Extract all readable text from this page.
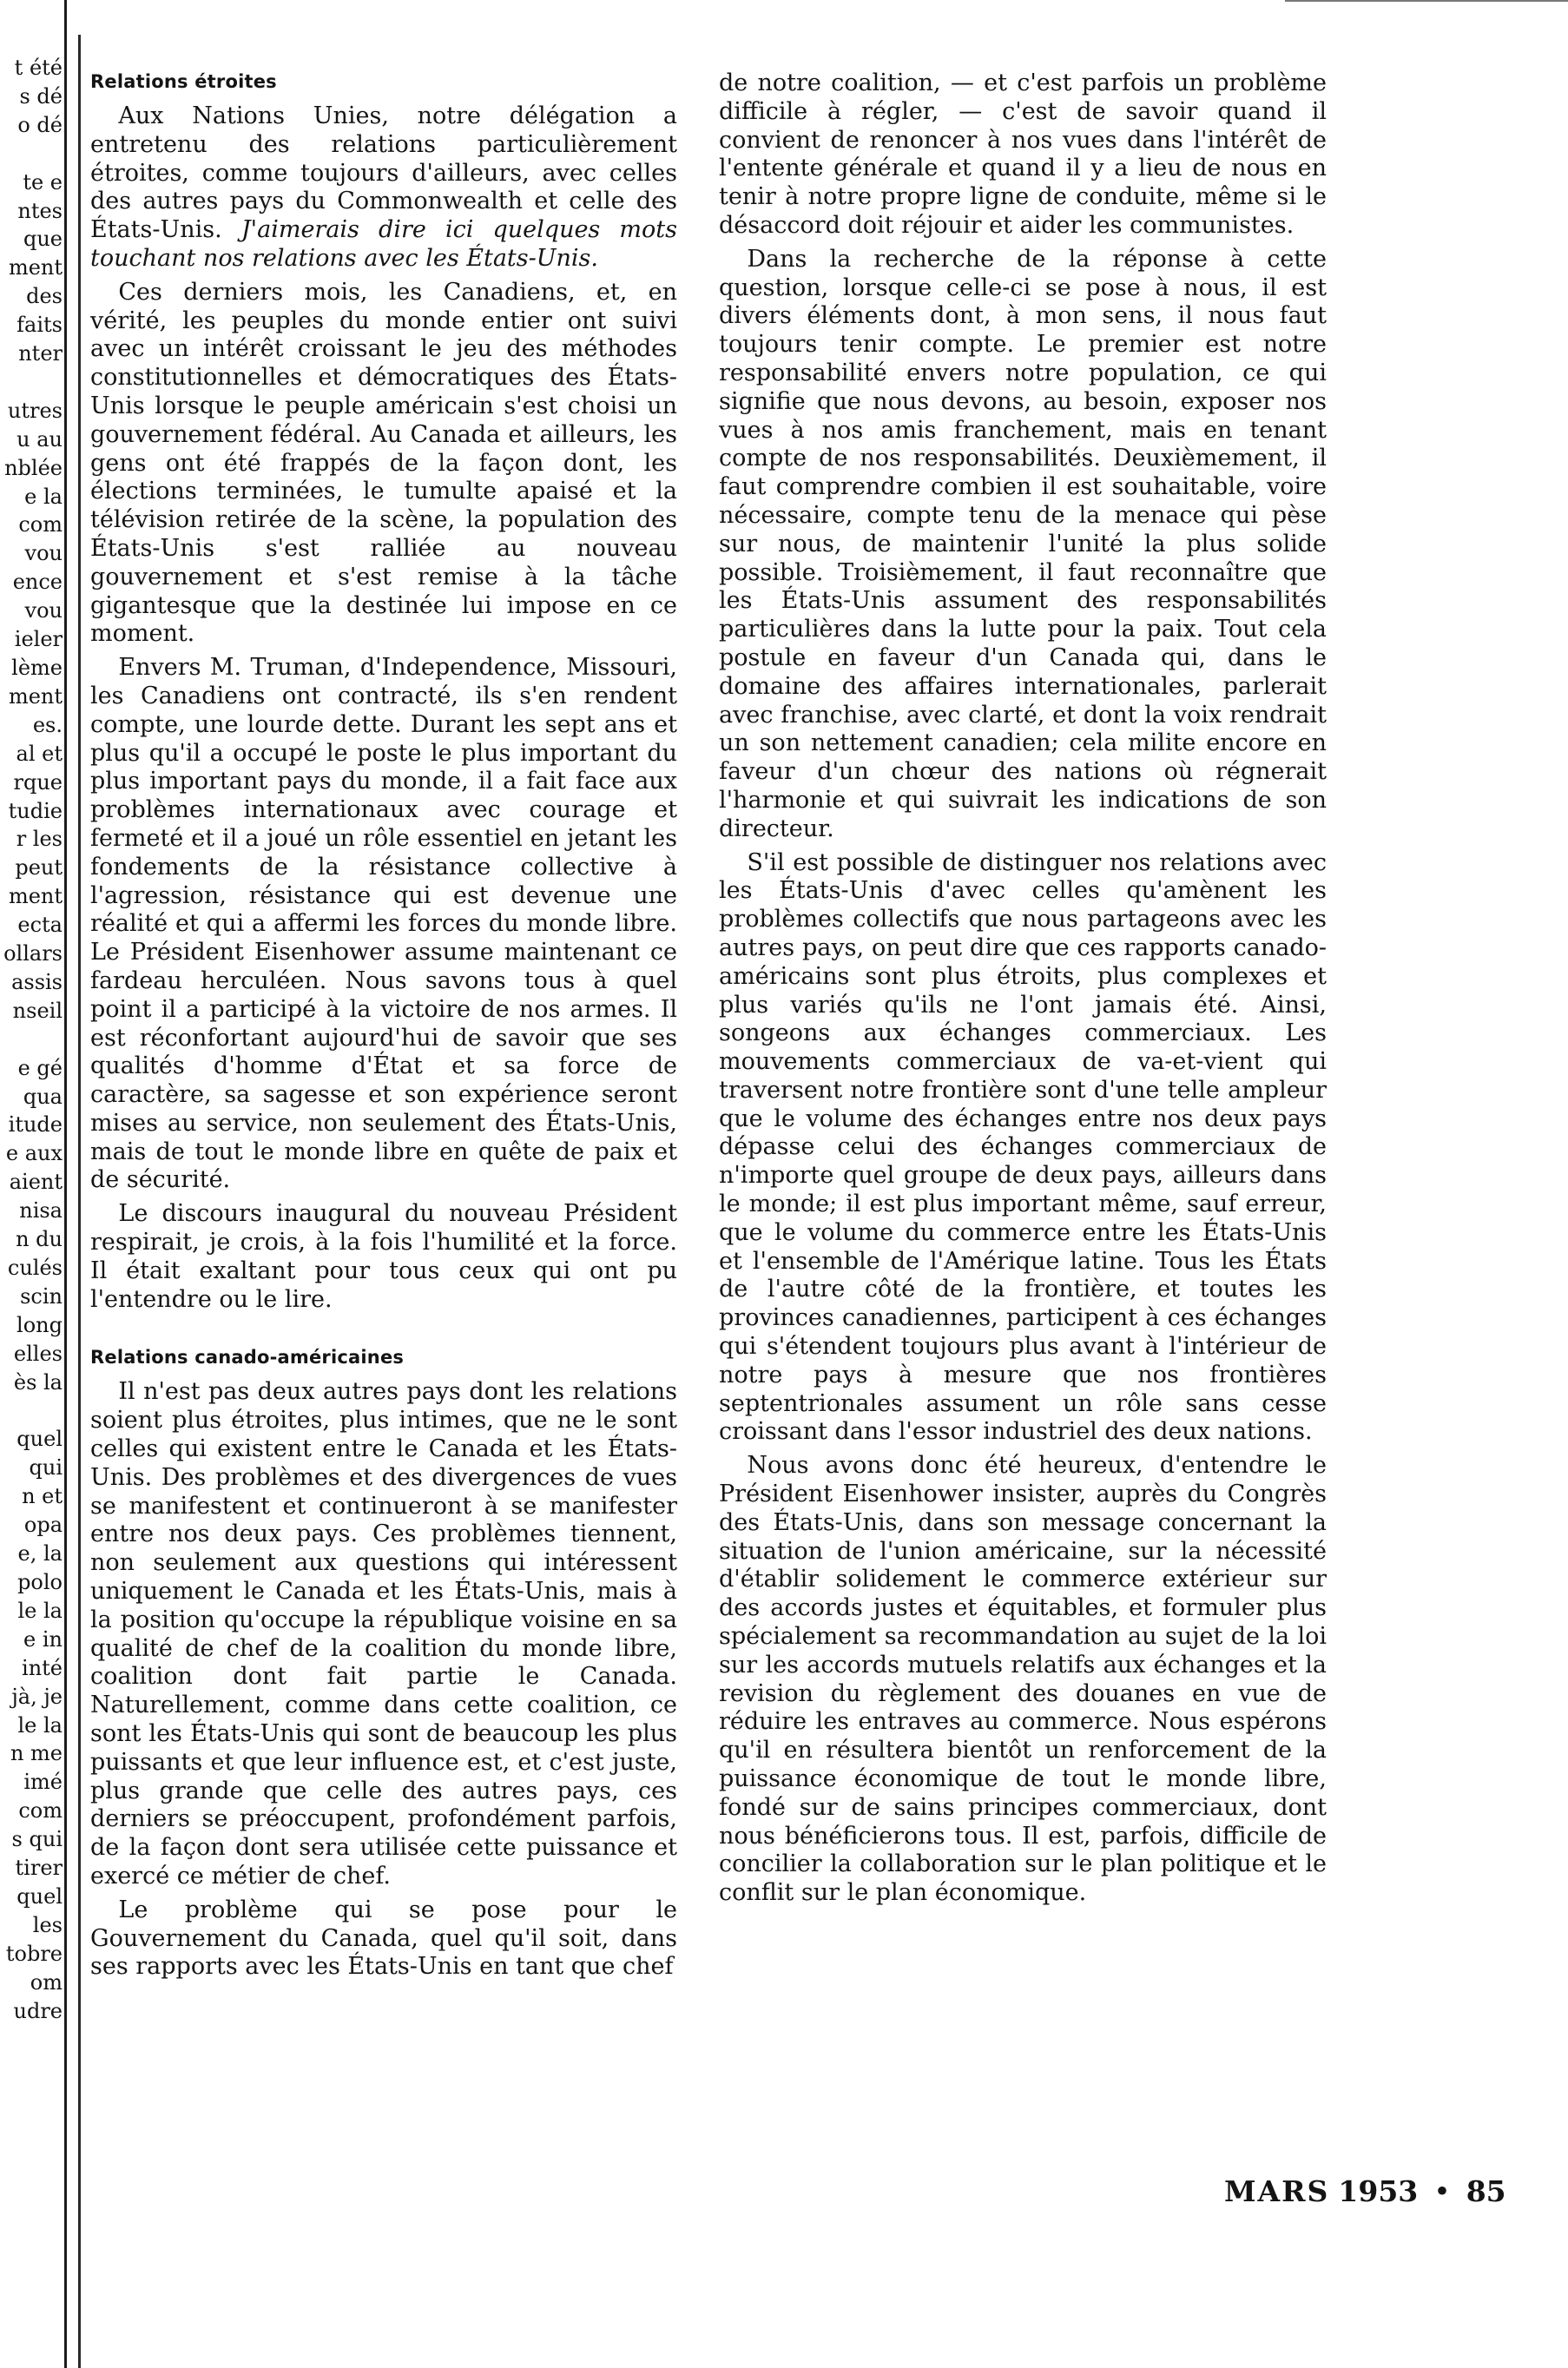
t été
s dé
o dé
te e
ntes
que
ment
des
faits
nter
utres
u au
nblée
e la
com
vou
ence
vou
ieler
lème
ment
es.
al et
rque
tudie
r les
peut
ment
ecta
ollars
assis
nseil
e gé
qua
itude
e aux
aient
nisa
n du
culés
scin
long
elles
ès la
quel
qui
n et
opa
e, la
polo
le la
e in
inté
jà, je
le la
n me
imé
com
s qui
tirer
quel
les
tobre
om
udre
Relations étroites

Aux Nations Unies, notre délégation a entretenu des relations particulièrement étroites, comme toujours d'ailleurs, avec celles des autres pays du Commonwealth et celle des États-Unis. J'aimerais dire ici quelques mots touchant nos relations avec les États-Unis.

Ces derniers mois, les Canadiens, et, en vérité, les peuples du monde entier ont suivi avec un intérêt croissant le jeu des méthodes constitutionnelles et démocratiques des États-Unis lorsque le peuple américain s'est choisi un gouvernement fédéral. Au Canada et ailleurs, les gens ont été frappés de la façon dont, les élections terminées, le tumulte apaisé et la télévision retirée de la scène, la population des États-Unis s'est ralliée au nouveau gouvernement et s'est remise à la tâche gigantesque que la destinée lui impose en ce moment.

Envers M. Truman, d'Independence, Missouri, les Canadiens ont contracté, ils s'en rendent compte, une lourde dette. Durant les sept ans et plus qu'il a occupé le poste le plus important du plus important pays du monde, il a fait face aux problèmes internationaux avec courage et fermeté et il a joué un rôle essentiel en jetant les fondements de la résistance collective à l'agression, résistance qui est devenue une réalité et qui a affermi les forces du monde libre. Le Président Eisenhower assume maintenant ce fardeau herculéen. Nous savons tous à quel point il a participé à la victoire de nos armes. Il est réconfortant aujourd'hui de savoir que ses qualités d'homme d'État et sa force de caractère, sa sagesse et son expérience seront mises au service, non seulement des États-Unis, mais de tout le monde libre en quête de paix et de sécurité.

Le discours inaugural du nouveau Président respirait, je crois, à la fois l'humilité et la force. Il était exaltant pour tous ceux qui ont pu l'entendre ou le lire.

Relations canado-américaines

Il n'est pas deux autres pays dont les relations soient plus étroites, plus intimes, que ne le sont celles qui existent entre le Canada et les États-Unis. Des problèmes et des divergences de vues se manifestent et continueront à se manifester entre nos deux pays. Ces problèmes tiennent, non seulement aux questions qui intéressent uniquement le Canada et les États-Unis, mais à la position qu'occupe la république voisine en sa qualité de chef de la coalition du monde libre, coalition dont fait partie le Canada. Naturellement, comme dans cette coalition, ce sont les États-Unis qui sont de beaucoup les plus puissants et que leur influence est, et c'est juste, plus grande que celle des autres pays, ces derniers se préoccupent, profondément parfois, de la façon dont sera utilisée cette puissance et exercé ce métier de chef.

Le problème qui se pose pour le Gouvernement du Canada, quel qu'il soit, dans ses rapports avec les États-Unis en tant que chef

de notre coalition, — et c'est parfois un problème difficile à régler, — c'est de savoir quand il convient de renoncer à nos vues dans l'intérêt de l'entente générale et quand il y a lieu de nous en tenir à notre propre ligne de conduite, même si le désaccord doit réjouir et aider les communistes.

Dans la recherche de la réponse à cette question, lorsque celle-ci se pose à nous, il est divers éléments dont, à mon sens, il nous faut toujours tenir compte. Le premier est notre responsabilité envers notre population, ce qui signifie que nous devons, au besoin, exposer nos vues à nos amis franchement, mais en tenant compte de nos responsabilités. Deuxièmement, il faut comprendre combien il est souhaitable, voire nécessaire, compte tenu de la menace qui pèse sur nous, de maintenir l'unité la plus solide possible. Troisièmement, il faut reconnaître que les États-Unis assument des responsabilités particulières dans la lutte pour la paix. Tout cela postule en faveur d'un Canada qui, dans le domaine des affaires internationales, parlerait avec franchise, avec clarté, et dont la voix rendrait un son nettement canadien; cela milite encore en faveur d'un chœur des nations où régnerait l'harmonie et qui suivrait les indications de son directeur.

S'il est possible de distinguer nos relations avec les États-Unis d'avec celles qu'amènent les problèmes collectifs que nous partageons avec les autres pays, on peut dire que ces rapports canado-américains sont plus étroits, plus complexes et plus variés qu'ils ne l'ont jamais été. Ainsi, songeons aux échanges commerciaux. Les mouvements commerciaux de va-et-vient qui traversent notre frontière sont d'une telle ampleur que le volume des échanges entre nos deux pays dépasse celui des échanges commerciaux de n'importe quel groupe de deux pays, ailleurs dans le monde; il est plus important même, sauf erreur, que le volume du commerce entre les États-Unis et l'ensemble de l'Amérique latine. Tous les États de l'autre côté de la frontière, et toutes les provinces canadiennes, participent à ces échanges qui s'étendent toujours plus avant à l'intérieur de notre pays à mesure que nos frontières septentrionales assument un rôle sans cesse croissant dans l'essor industriel des deux nations.

Nous avons donc été heureux, d'entendre le Président Eisenhower insister, auprès du Congrès des États-Unis, dans son message concernant la situation de l'union américaine, sur la nécessité d'établir solidement le commerce extérieur sur des accords justes et équitables, et formuler plus spécialement sa recommandation au sujet de la loi sur les accords mutuels relatifs aux échanges et la revision du règlement des douanes en vue de réduire les entraves au commerce. Nous espérons qu'il en résultera bientôt un renforcement de la puissance économique de tout le monde libre, fondé sur de sains principes commerciaux, dont nous bénéficierons tous. Il est, parfois, difficile de concilier la collaboration sur le plan politique et le conflit sur le plan économique.

MARS 1953 • 85
